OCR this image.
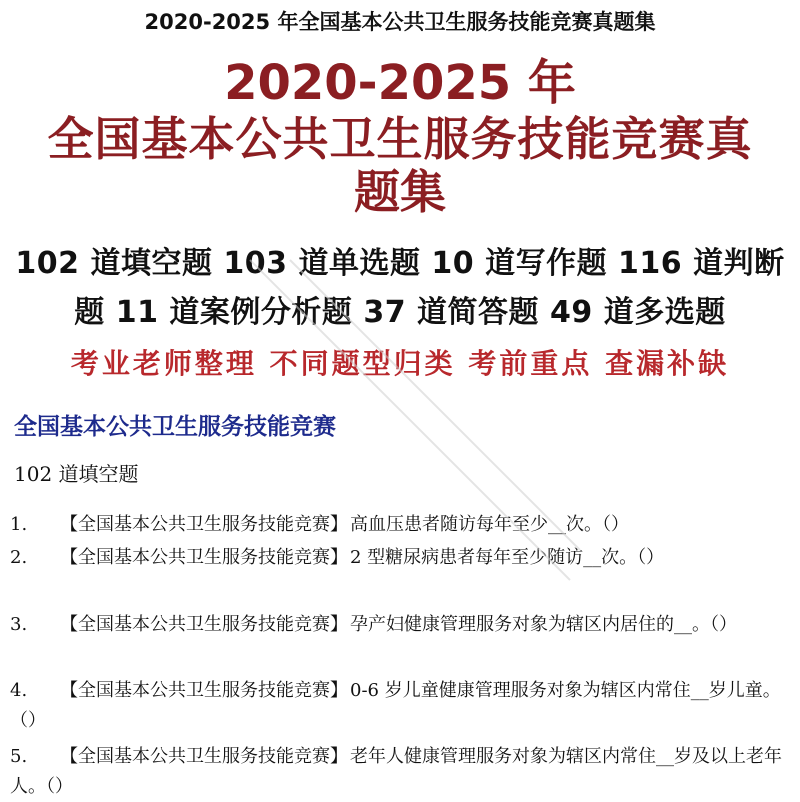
2020-2025 年全国基本公共卫生服务技能竞赛真题集
2020-2025 年
全国基本公共卫生服务技能竞赛真
题集
102 道填空题 103 道单选题 10 道写作题 116 道判断
题 11 道案例分析题 37 道简答题 49 道多选题
考业老师整理 不同题型归类 考前重点 查漏补缺
全国基本公共卫生服务技能竞赛
102 道填空题
1. 【全国基本公共卫生服务技能竞赛】 高血压患者随访每年至少__次。（）
2. 【全国基本公共卫生服务技能竞赛】 2 型糖尿病患者每年至少随访__次。（）
3. 【全国基本公共卫生服务技能竞赛】 孕产妇健康管理服务对象为辖区内居住的__。（）
4. 【全国基本公共卫生服务技能竞赛】 0-6 岁儿童健康管理服务对象为辖区内常住__岁儿童。（）
5. 【全国基本公共卫生服务技能竞赛】 老年人健康管理服务对象为辖区内常住__岁及以上老年人。（）
